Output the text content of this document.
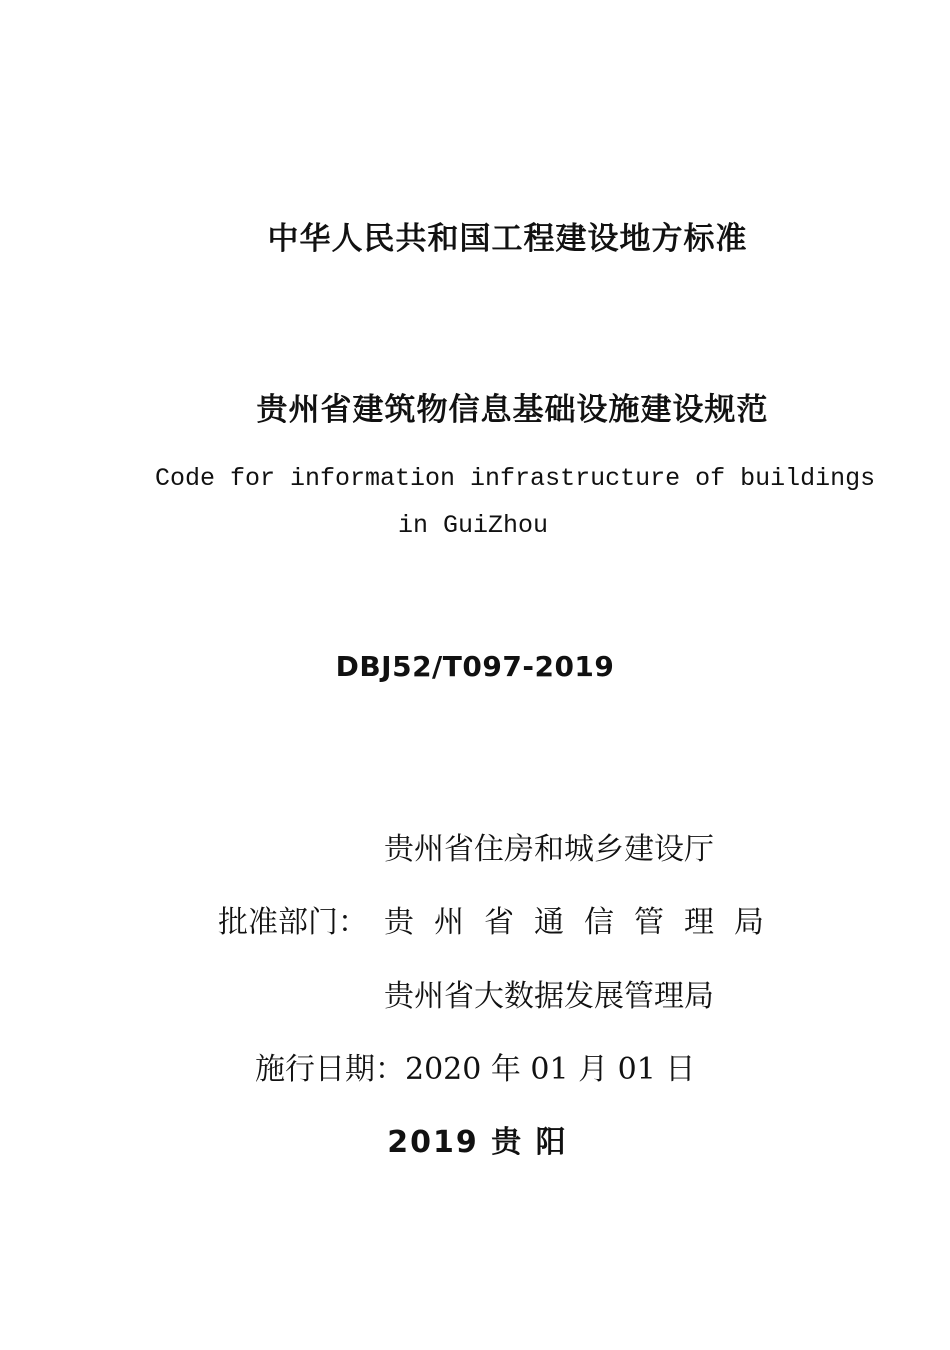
中华人民共和国工程建设地方标准
贵州省建筑物信息基础设施建设规范
Code for information infrastructure of buildings
in GuiZhou
DBJ52/T097-2019
贵州省住房和城乡建设厅
批准部门： 贵州省通信管理局
贵州省大数据发展管理局
施行日期：2020 年 01 月 01 日
2019 贵 阳
